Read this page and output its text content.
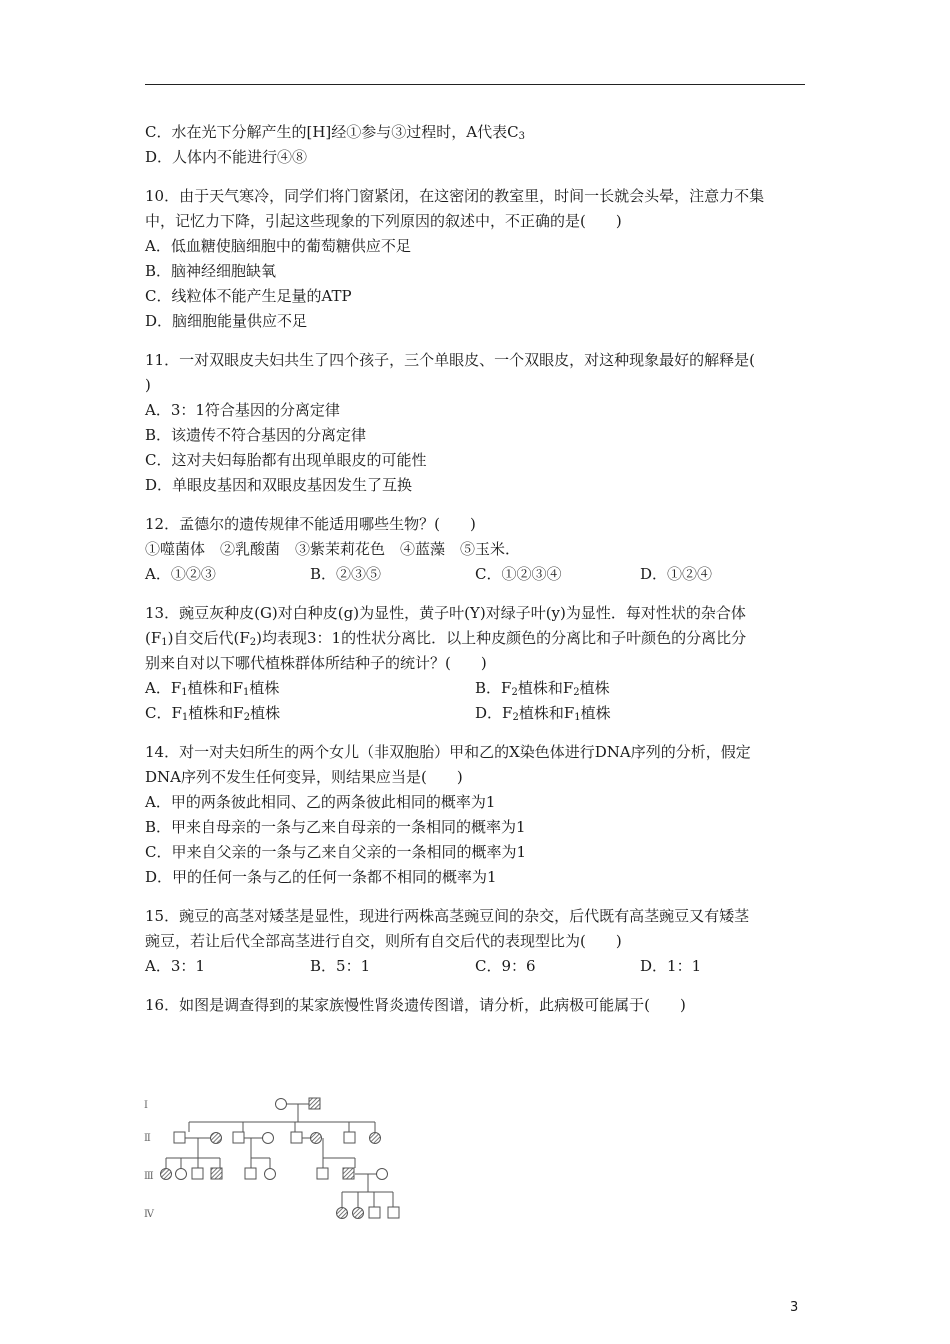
C．水在光下分解产生的[H]经①参与③过程时，A代表$C_3$
D．人体内不能进行④⑧
10．由于天气寒冷，同学们将门窗紧闭，在这密闭的教室里，时间一长就会头晕，注意力不集
中，记忆力下降，引起这些现象的下列原因的叙述中，不正确的是(　　)
A．低血糖使脑细胞中的葡萄糖供应不足
B．脑神经细胞缺氧
C．线粒体不能产生足量的ATP
D．脑细胞能量供应不足
11．一对双眼皮夫妇共生了四个孩子，三个单眼皮、一个双眼皮，对这种现象最好的解释是(
)
A．3：1符合基因的分离定律
B．该遗传不符合基因的分离定律
C．这对夫妇每胎都有出现单眼皮的可能性
D．单眼皮基因和双眼皮基因发生了互换
12．孟德尔的遗传规律不能适用哪些生物？(　　)
①噬菌体　②乳酸菌　③紫茉莉花色　④蓝藻　⑤玉米．
A．①②③	B．②③⑤	C．①②③④	D．①②④
13．豌豆灰种皮(G)对白种皮(g)为显性，黄子叶(Y)对绿子叶(y)为显性．每对性状的杂合体
$(F_1)$自交后代$(F_2)$均表现3：1的性状分离比．以上种皮颜色的分离比和子叶颜色的分离比分
别来自对以下哪代植株群体所结种子的统计？(　　)
A．$F_1$植株和$F_1$植株	B．$F_2$植株和$F_2$植株
C．$F_1$植株和$F_2$植株	D．$F_2$植株和$F_1$植株
14．对一对夫妇所生的两个女儿（非双胞胎）甲和乙的X染色体进行DNA序列的分析，假定
DNA序列不发生任何变异，则结果应当是(　　)
A．甲的两条彼此相同、乙的两条彼此相同的概率为1
B．甲来自母亲的一条与乙来自母亲的一条相同的概率为1
C．甲来自父亲的一条与乙来自父亲的一条相同的概率为1
D．甲的任何一条与乙的任何一条都不相同的概率为1
15．豌豆的高茎对矮茎是显性，现进行两株高茎豌豆间的杂交，后代既有高茎豌豆又有矮茎
豌豆，若让后代全部高茎进行自交，则所有自交后代的表现型比为(　　)
A．3：1	B．5：1	C．9：6	D．1：1
16．如图是调查得到的某家族慢性肾炎遗传图谱，请分析，此病极可能属于(　　)
Ⅰ
Ⅱ
Ⅲ
Ⅳ
3
